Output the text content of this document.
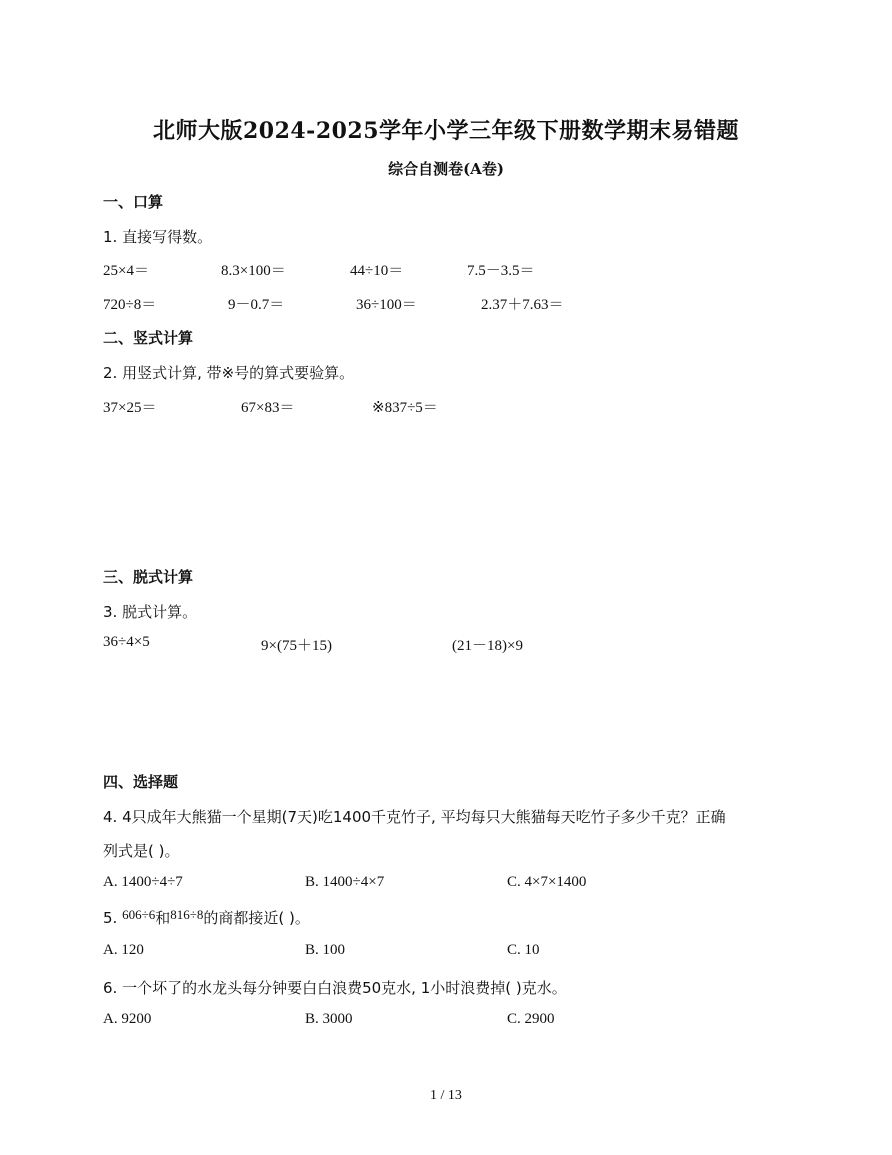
北师大版2024-2025学年小学三年级下册数学期末易错题
综合自测卷(A卷)
一、口算
1. 直接写得数。
25×4＝	8.3×100＝	44÷10＝	7.5－3.5＝
720÷8＝	9－0.7＝	36÷100＝	2.37＋7.63＝
二、竖式计算
2. 用竖式计算, 带※号的算式要验算。
37×25＝	67×83＝	※837÷5＝
三、脱式计算
3. 脱式计算。
36÷4×5	9×(75＋15)	(21－18)×9
四、选择题
4. 4只成年大熊猫一个星期(7天)吃1400千克竹子, 平均每只大熊猫每天吃竹子多少千克？正确
列式是( )。
A. 1400÷4÷7	B. 1400÷4×7	C. 4×7×1400
5. 606÷6和816÷8的商都接近( )。
A. 120	B. 100	C. 10
6. 一个坏了的水龙头每分钟要白白浪费50克水, 1小时浪费掉( )克水。
A. 9200	B. 3000	C. 2900
1 / 13
